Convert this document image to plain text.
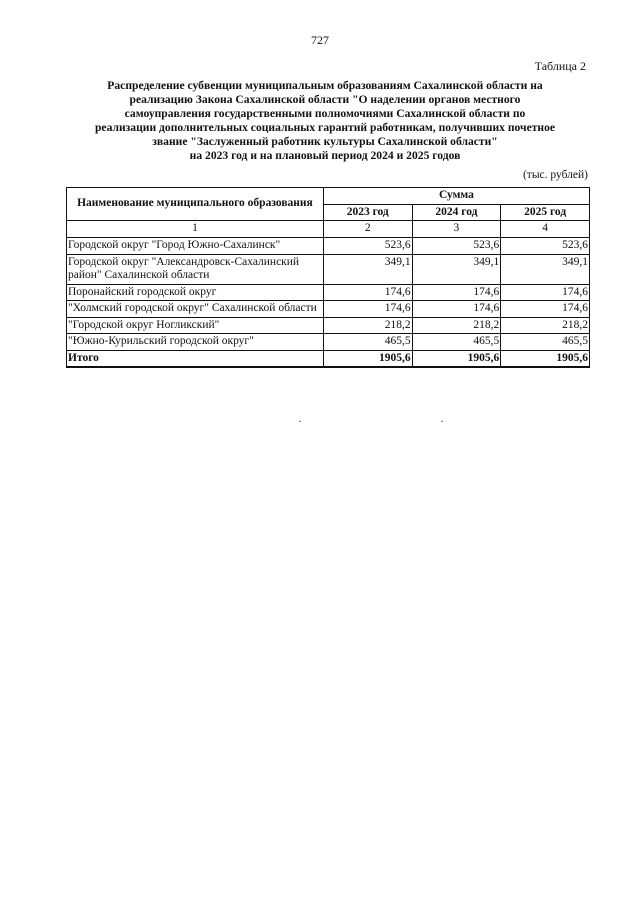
727
Таблица 2
Распределение субвенции муниципальным образованиям Сахалинской области на
реализацию Закона Сахалинской области "О наделении органов местного
самоуправления государственными полномочиями Сахалинской области по
реализации дополнительных социальных гарантий работникам, получивших почетное
звание "Заслуженный работник культуры Сахалинской области"
на 2023 год и на плановый период 2024 и 2025 годов
(тыс. рублей)
Наименование муниципального образования	Сумма		
	2023 год	2024 год	2025 год
1	2	3	4
Городской округ "Город Южно-Сахалинск"	523,6	523,6	523,6
Городской округ "Александровск-Сахалинский район" Сахалинской области	349,1	349,1	349,1
Поронайский городской округ	174,6	174,6	174,6
"Холмский городской округ" Сахалинской области	174,6	174,6	174,6
"Городской округ Ногликский"	218,2	218,2	218,2
"Южно-Курильский городской округ"	465,5	465,5	465,5
Итого	1905,6	1905,6	1905,6
·	·
